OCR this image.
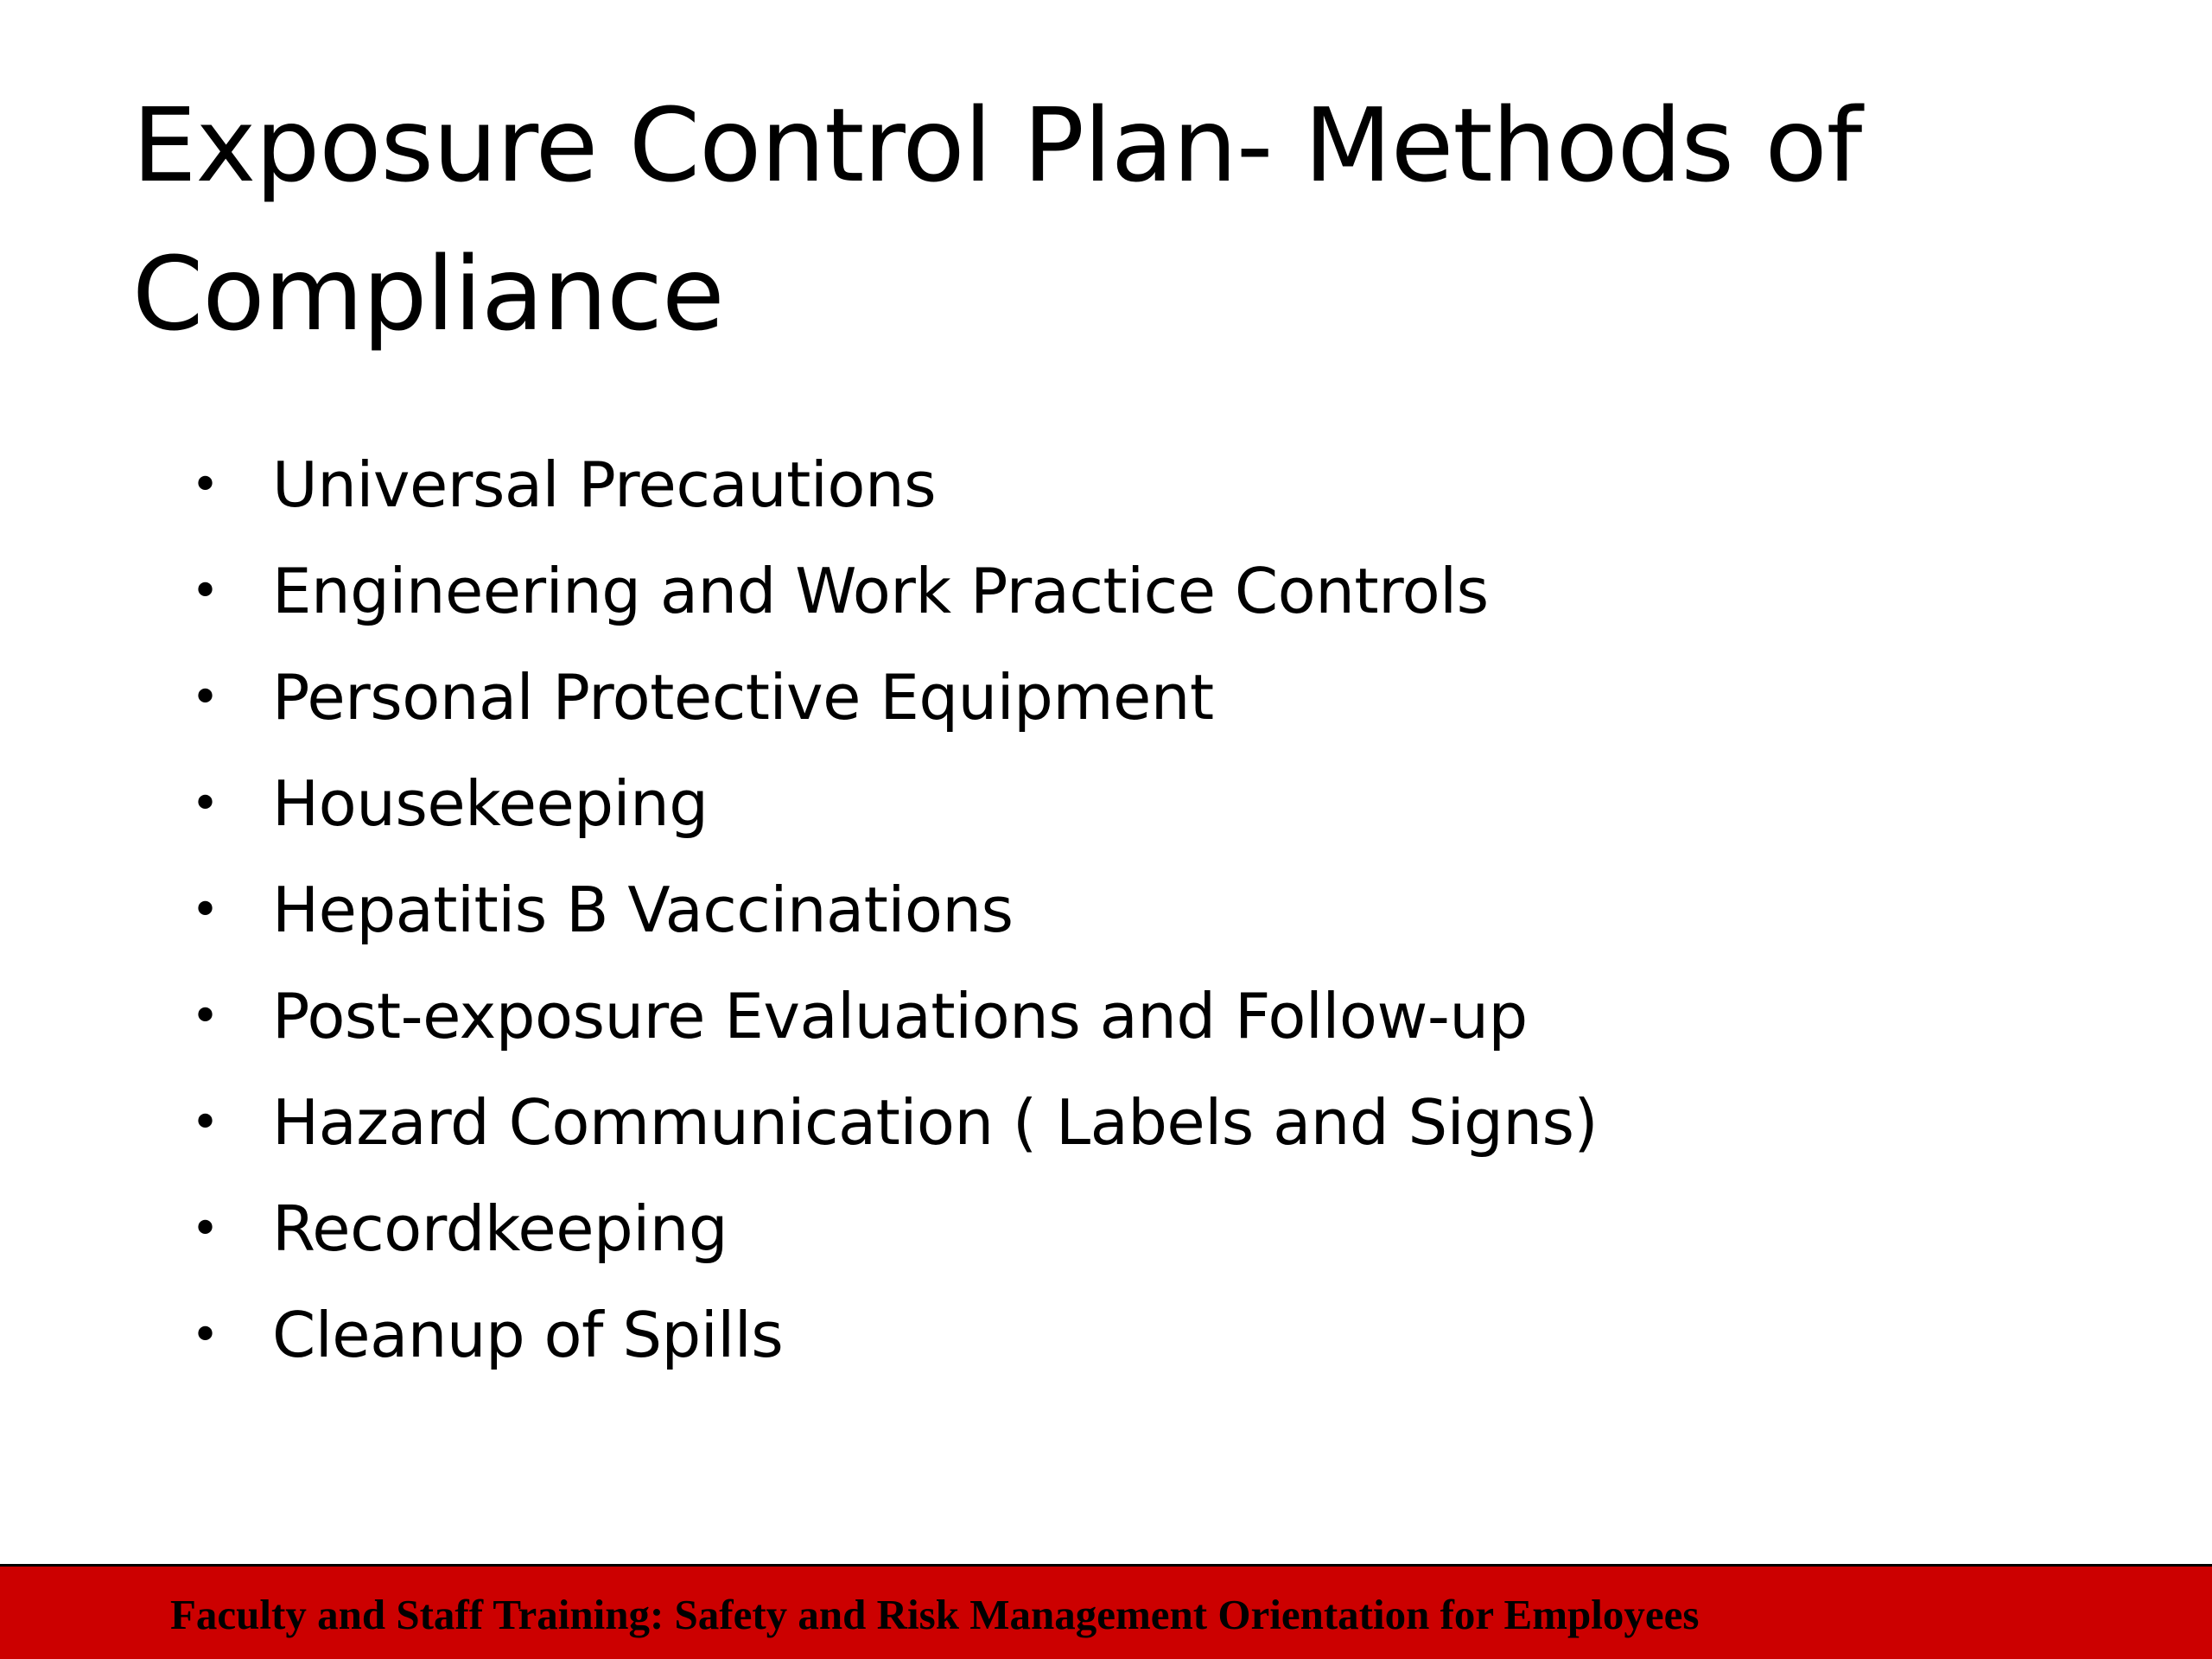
Exposure Control Plan- Methods of Compliance
• Universal Precautions
• Engineering and Work Practice Controls
• Personal Protective Equipment
• Housekeeping
• Hepatitis B Vaccinations
• Post-exposure Evaluations and Follow-up
• Hazard Communication ( Labels and Signs)
• Recordkeeping
• Cleanup of Spills
Faculty and Staff Training: Safety and Risk Management Orientation for Employees
